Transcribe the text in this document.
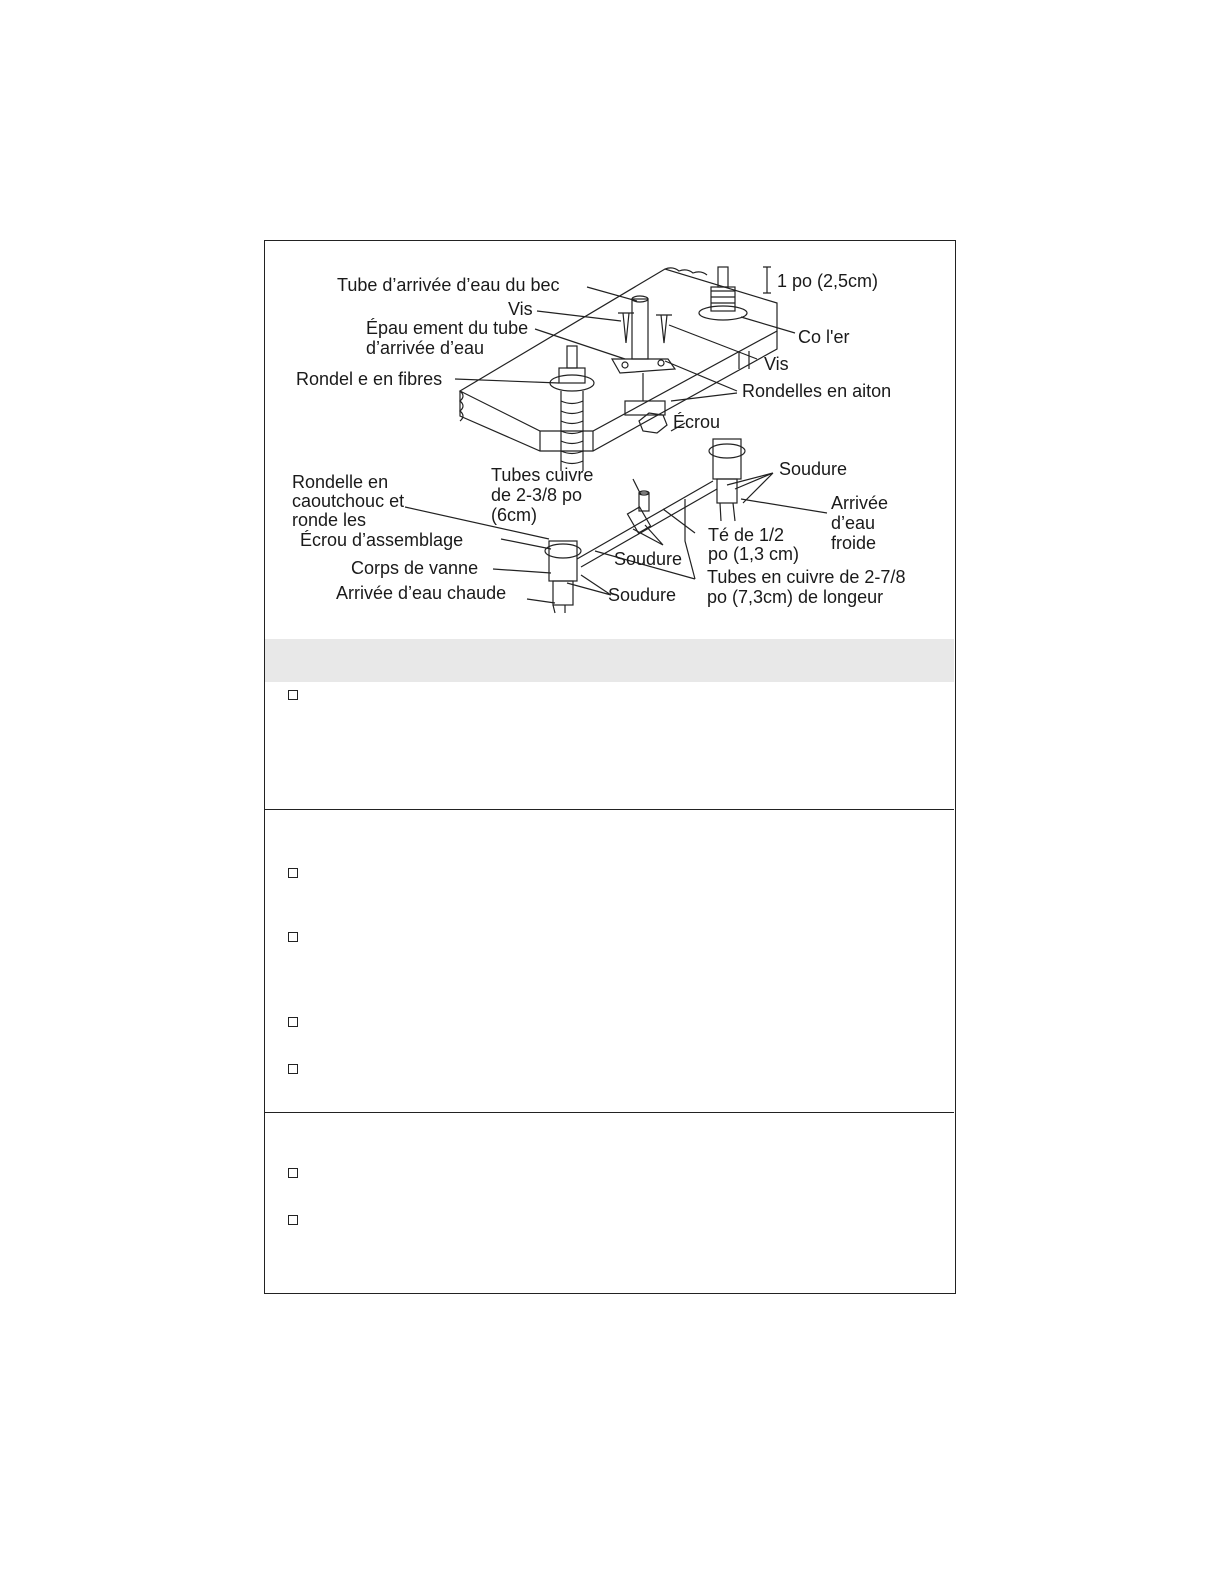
Tube d’arrivée d’eau du bec
Vis
Épau ement du tube
d’arrivée d’eau
Rondel e en fibres
1 po (2,5cm)
Co l'er
Vis
Rondelles en aiton
Écrou
Soudure
Arrivée
d’eau
froide
Rondelle en
caoutchouc et
ronde les
Tubes cuivre
de 2-3/8 po
(6cm)
Écrou d’assemblage
Corps de vanne
Arrivée d’eau chaude
Soudure
Soudure
Té de 1/2
po (1,3 cm)
Tubes en cuivre de 2-7/8
po (7,3cm) de longeur
